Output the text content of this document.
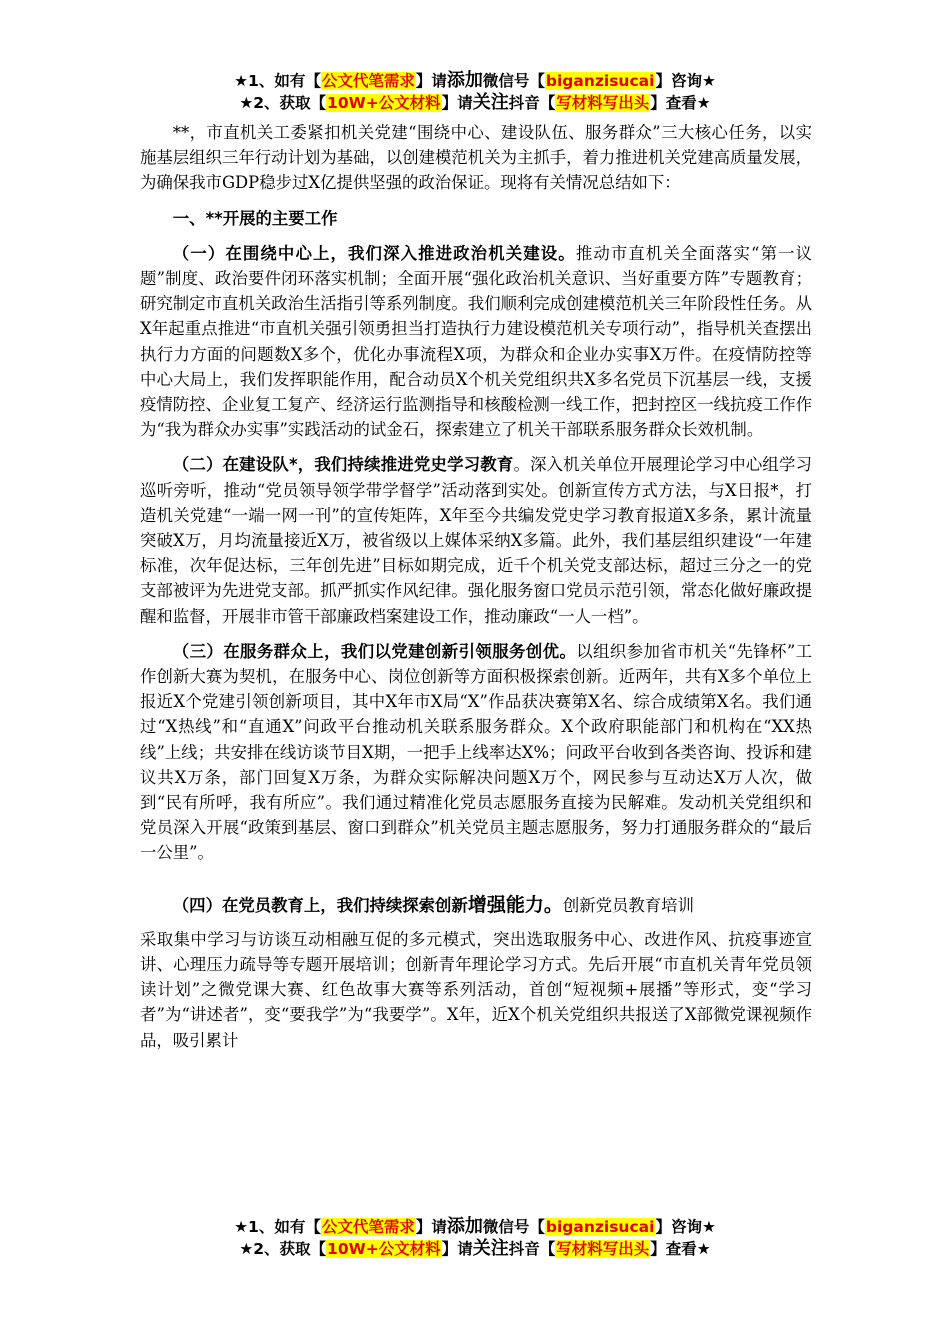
★1、如有【公文代笔需求】请添加微信号【biganzisucai】咨询★
★2、获取【10W+公文材料】请关注抖音【写材料写出头】查看★

**，市直机关工委紧扣机关党建“围绕中心、建设队伍、服务群众”三大核心任务，以实施基层组织三年行动计划为基础，以创建模范机关为主抓手，着力推进机关党建高质量发展，为确保我市GDP稳步过X亿提供坚强的政治保证。现将有关情况总结如下：

一、**开展的主要工作

（一）在围绕中心上，我们深入推进政治机关建设。推动市直机关全面落实“第一议题”制度、政治要件闭环落实机制；全面开展“强化政治机关意识、当好重要方阵”专题教育；研究制定市直机关政治生活指引等系列制度。我们顺利完成创建模范机关三年阶段性任务。从X年起重点推进“市直机关强引领勇担当打造执行力建设模范机关专项行动”，指导机关查摆出执行力方面的问题数X多个，优化办事流程X项，为群众和企业办实事X万件。在疫情防控等中心大局上，我们发挥职能作用，配合动员X个机关党组织共X多名党员下沉基层一线，支援疫情防控、企业复工复产、经济运行监测指导和核酸检测一线工作，把封控区一线抗疫工作作为“我为群众办实事”实践活动的试金石，探索建立了机关干部联系服务群众长效机制。

（二）在建设队*，我们持续推进党史学习教育。深入机关单位开展理论学习中心组学习巡听旁听，推动“党员领导领学带学督学”活动落到实处。创新宣传方式方法，与X日报*，打造机关党建“一端一网一刊”的宣传矩阵，X年至今共编发党史学习教育报道X多条，累计流量突破X万，月均流量接近X万，被省级以上媒体采纳X多篇。此外，我们基层组织建设“一年建标准，次年促达标，三年创先进”目标如期完成，近千个机关党支部达标，超过三分之一的党支部被评为先进党支部。抓严抓实作风纪律。强化服务窗口党员示范引领，常态化做好廉政提醒和监督，开展非市管干部廉政档案建设工作，推动廉政“一人一档”。

（三）在服务群众上，我们以党建创新引领服务创优。以组织参加省市机关“先锋杯”工作创新大赛为契机，在服务中心、岗位创新等方面积极探索创新。近两年，共有X多个单位上报近X个党建引领创新项目，其中X年市X局“X”作品获决赛第X名、综合成绩第X名。我们通过“X热线”和“直通X”问政平台推动机关联系服务群众。X个政府职能部门和机构在“XX热线”上线；共安排在线访谈节目X期，一把手上线率达X%；问政平台收到各类咨询、投诉和建议共X万条，部门回复X万条，为群众实际解决问题X万个，网民参与互动达X万人次，做到“民有所呼，我有所应”。我们通过精准化党员志愿服务直接为民解难。发动机关党组织和党员深入开展“政策到基层、窗口到群众”机关党员主题志愿服务，努力打通服务群众的“最后一公里”。

（四）在党员教育上，我们持续探索创新增强能力。创新党员教育培训

采取集中学习与访谈互动相融互促的多元模式，突出选取服务中心、改进作风、抗疫事迹宣讲、心理压力疏导等专题开展培训；创新青年理论学习方式。先后开展“市直机关青年党员领读计划”之微党课大赛、红色故事大赛等系列活动，首创“短视频+展播”等形式，变“学习者”为“讲述者”，变“要我学”为“我要学”。X年，近X个机关党组织共报送了X部微党课视频作品，吸引累计

★1、如有【公文代笔需求】请添加微信号【biganzisucai】咨询★
★2、获取【10W+公文材料】请关注抖音【写材料写出头】查看★
